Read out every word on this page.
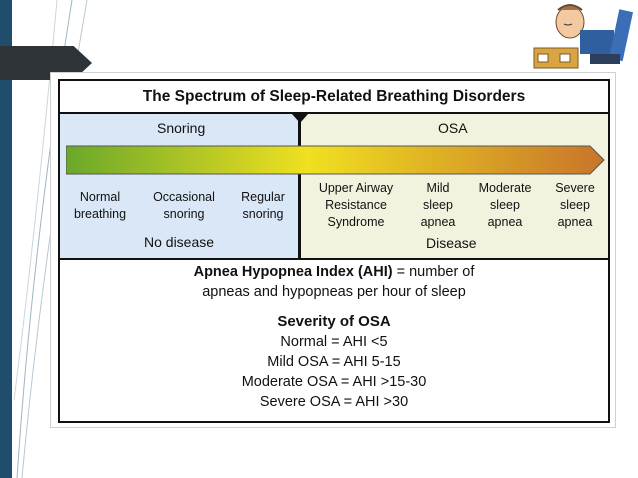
The Spectrum of Sleep-Related Breathing Disorders
Snoring	OSA
Normal
breathing
Occasional
snoring
Regular
snoring
Upper Airway
Resistance
Syndrome
Mild
sleep
apnea
Moderate
sleep
apnea
Severe
sleep
apnea
No disease	Disease
Apnea Hypopnea Index (AHI) = number of
apneas and hypopneas per hour of sleep
Severity of OSA
Normal = AHI <5
Mild OSA = AHI 5-15
Moderate OSA = AHI >15-30
Severe OSA = AHI >30
